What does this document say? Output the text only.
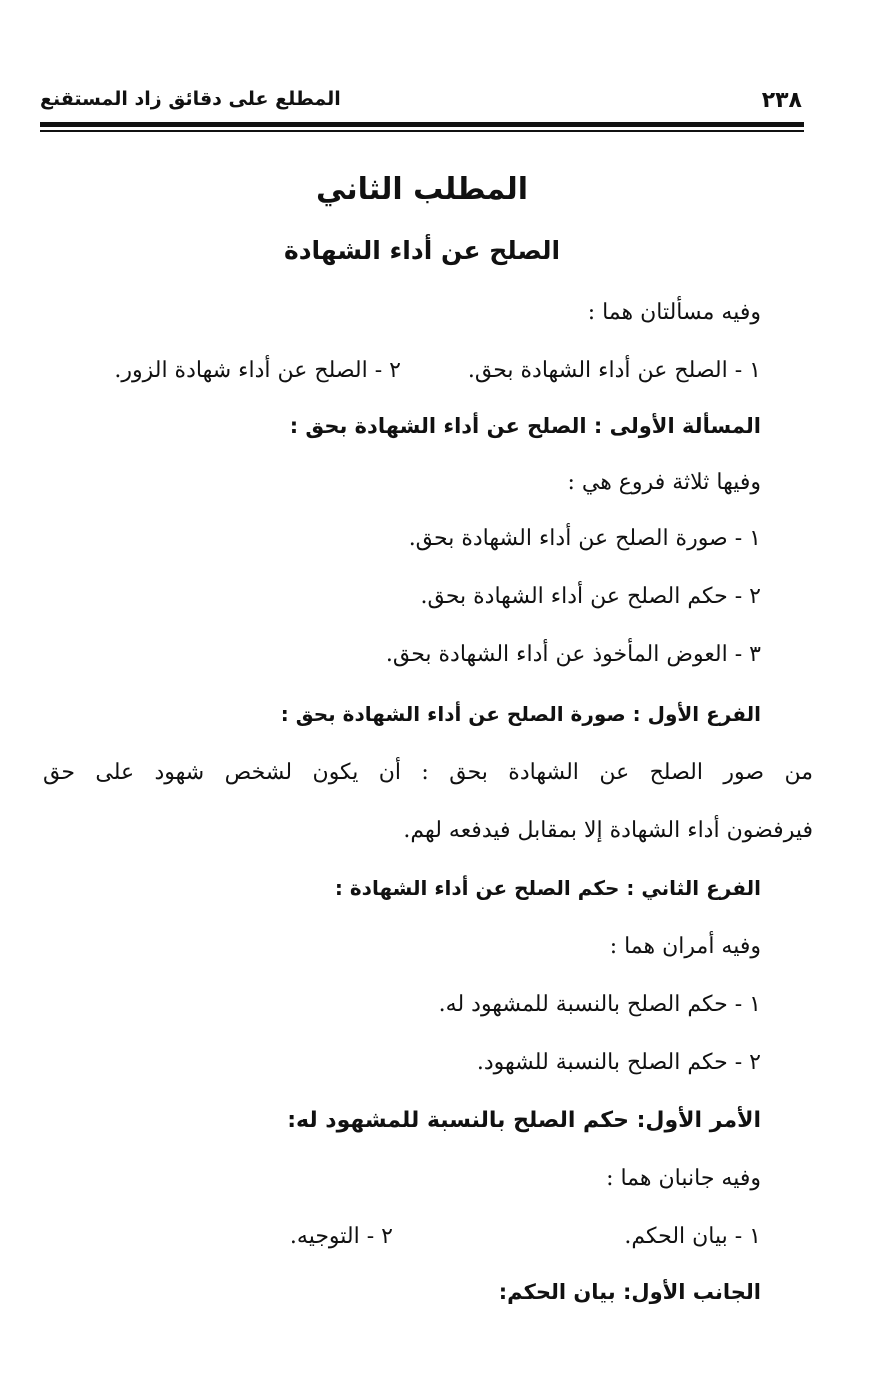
٢٣٨
المطلع على دقائق زاد المستقنع
المطلب الثاني
الصلح عن أداء الشهادة
وفيه مسألتان هما :
١ - الصلح عن أداء الشهادة بحق.
٢ - الصلح عن أداء شهادة الزور.
المسألة الأولى : الصلح عن أداء الشهادة بحق :
وفيها ثلاثة فروع هي :
١ - صورة الصلح عن أداء الشهادة بحق.
٢ - حكم الصلح عن أداء الشهادة بحق.
٣ - العوض المأخوذ عن أداء الشهادة بحق.
الفرع الأول : صورة الصلح عن أداء الشهادة بحق :
من صور الصلح عن الشهادة بحق : أن يكون لشخص شهود على حق
فيرفضون أداء الشهادة إلا بمقابل فيدفعه لهم.
الفرع الثاني : حكم الصلح عن أداء الشهادة :
وفيه أمران هما :
١ - حكم الصلح بالنسبة للمشهود له.
٢ - حكم الصلح بالنسبة للشهود.
الأمر الأول: حكم الصلح بالنسبة للمشهود له:
وفيه جانبان هما :
١ - بيان الحكم.
٢ - التوجيه.
الجانب الأول: بيان الحكم:
